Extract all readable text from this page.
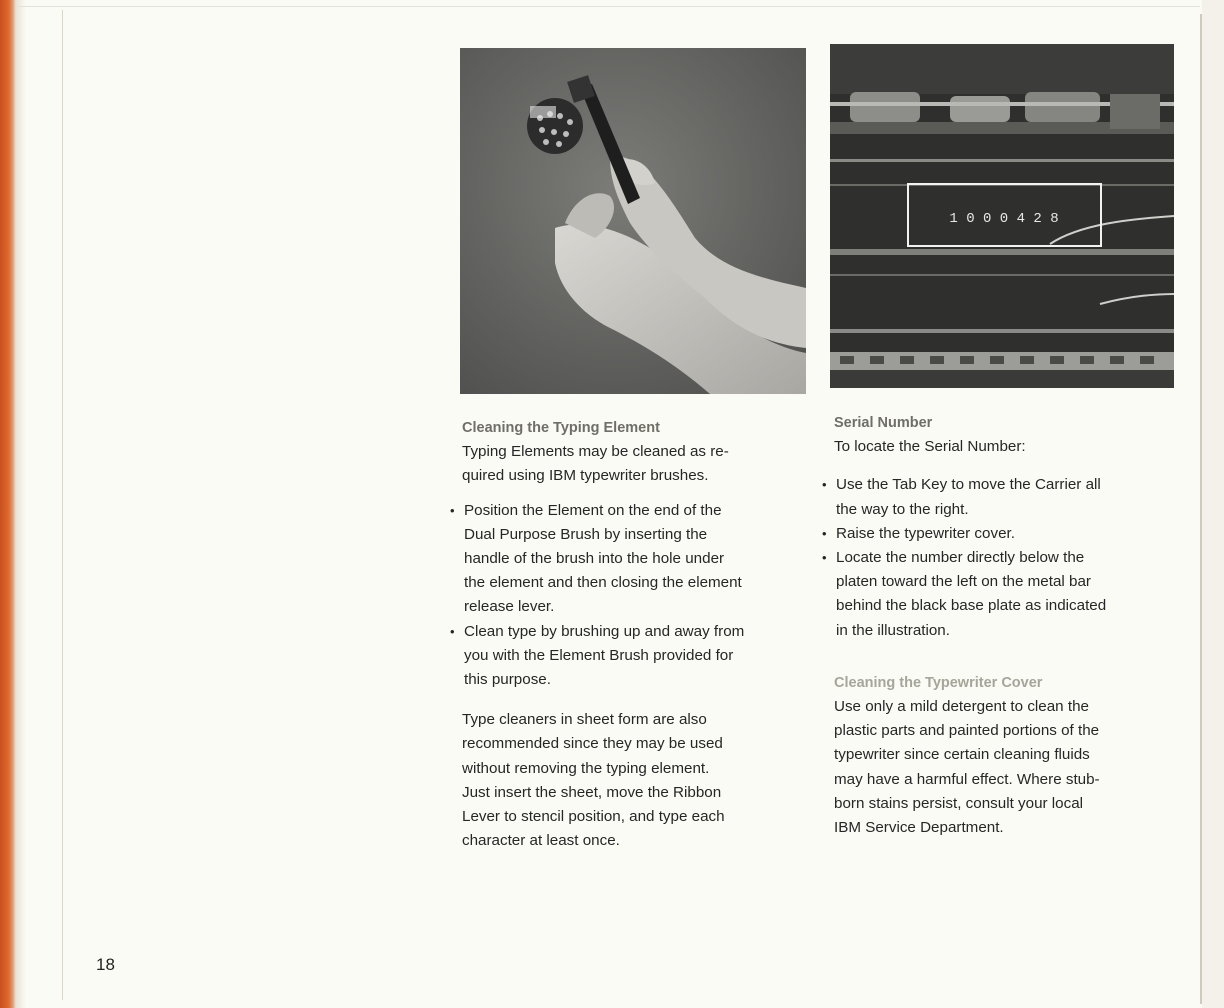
1 0 0 0 4 2 8
Cleaning the Typing Element

Typing Elements may be cleaned as re-
quired using IBM typewriter brushes.

• Position the Element on the end of the
Dual Purpose Brush by inserting the
handle of the brush into the hole under
the element and then closing the element
release lever.
• Clean type by brushing up and away from
you with the Element Brush provided for
this purpose.

Type cleaners in sheet form are also
recommended since they may be used
without removing the typing element.
Just insert the sheet, move the Ribbon
Lever to stencil position, and type each
character at least once.

Serial Number

To locate the Serial Number:

• Use the Tab Key to move the Carrier all
the way to the right.
• Raise the typewriter cover.
• Locate the number directly below the
platen toward the left on the metal bar
behind the black base plate as indicated
in the illustration.
Cleaning the Typewriter Cover

Use only a mild detergent to clean the
plastic parts and painted portions of the
typewriter since certain cleaning fluids
may have a harmful effect. Where stub-
born stains persist, consult your local
IBM Service Department.

18
